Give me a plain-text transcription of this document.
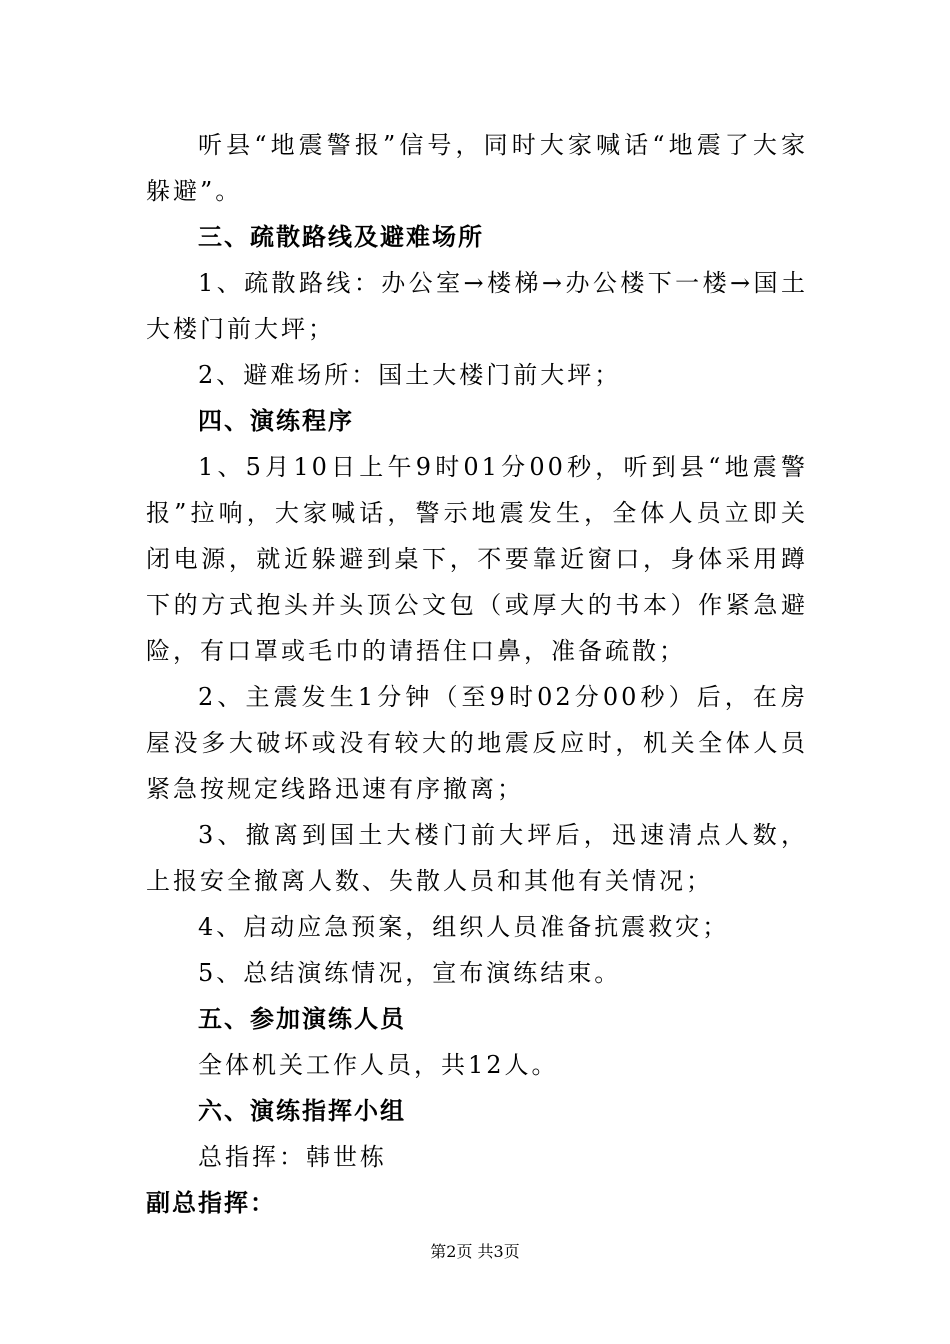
听县“地震警报”信号，同时大家喊话“地震了大家躲避”。

三、疏散路线及避难场所

1、疏散路线：办公室→楼梯→办公楼下一楼→国土大楼门前大坪；

2、避难场所：国土大楼门前大坪；

四、演练程序

1、5月10日上午9时01分00秒，听到县“地震警报”拉响，大家喊话，警示地震发生，全体人员立即关闭电源，就近躲避到桌下，不要靠近窗口，身体采用蹲下的方式抱头并头顶公文包（或厚大的书本）作紧急避险，有口罩或毛巾的请捂住口鼻，准备疏散；

2、主震发生1分钟（至9时02分00秒）后，在房屋没多大破坏或没有较大的地震反应时，机关全体人员紧急按规定线路迅速有序撤离；

3、撤离到国土大楼门前大坪后，迅速清点人数，上报安全撤离人数、失散人员和其他有关情况；

4、启动应急预案，组织人员准备抗震救灾；

5、总结演练情况，宣布演练结束。

五、参加演练人员

全体机关工作人员，共12人。

六、演练指挥小组

总指挥：韩世栋

副总指挥：

第2页 共3页
